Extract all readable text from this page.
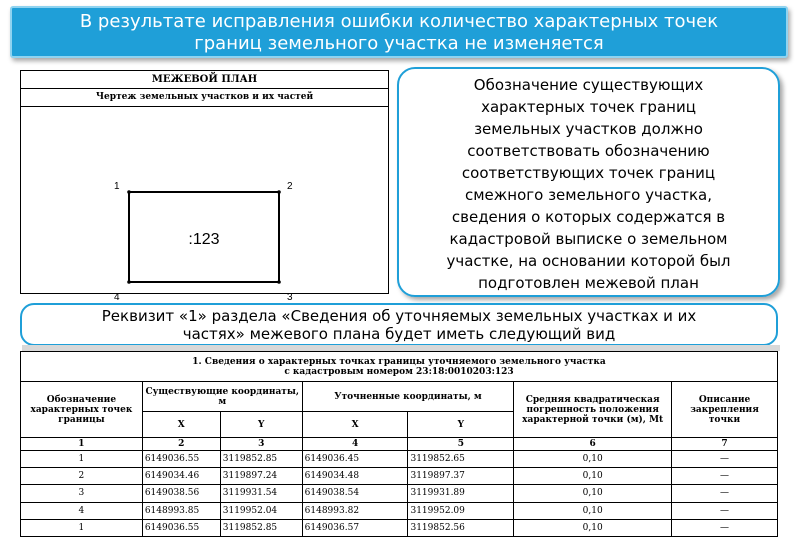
В результате исправления ошибки количество характерных точек
границ земельного участка не изменяется
МЕЖЕВОЙ ПЛАН
Чертеж земельных участков и их частей
1	2
3
4
:123
Обозначение существующих
характерных точек границ
земельных участков должно
соответствовать обозначению
соответствующих точек границ
смежного земельного участка,
сведения о которых содержатся в
кадастровой выписке о земельном
участке, на основании которой был
подготовлен межевой план
Реквизит «1» раздела «Сведения об уточняемых земельных участках и их
частях» межевого плана будет иметь следующий вид
1. Сведения о характерных точках границы уточняемого земельного участка
с кадастровым номером 23:18:0010203:123						

Обозначение характерных точек границы	Существующие координаты, м		Уточненные координаты, м		Средняя квадратическая погрешность положения характерной точки (м), Мt	Описание закрепления точки
	X	Y	X	Y		
1	2	3	4	5	6	7
1	6149036.55	3119852.85	6149036.45	3119852.65	0,10	—
2	6149034.46	3119897.24	6149034.48	3119897.37	0,10	—
3	6149038.56	3119931.54	6149038.54	3119931.89	0,10	—
4	6148993.85	3119952.04	6148993.82	3119952.09	0,10	—
1	6149036.55	3119852.85	6149036.57	3119852.56	0,10	—
